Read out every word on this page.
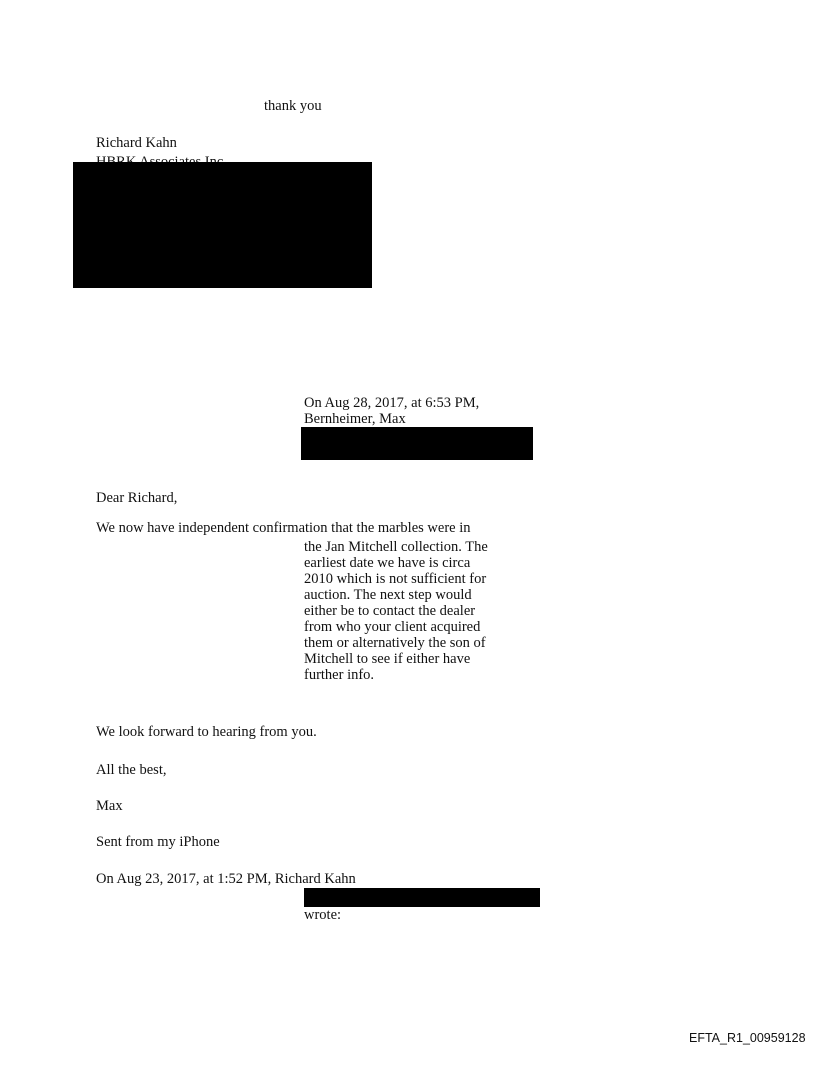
thank you
Richard Kahn
On Aug 28, 2017, at 6:53 PM,
Bernheimer, Max
Dear Richard,
We now have independent confirmation that the marbles were in
the Jan Mitchell collection. The
earliest date we have is circa
2010 which is not sufficient for
auction. The next step would
either be to contact the dealer
from who your client acquired
them or alternatively the son of
Mitchell to see if either have
further info.
We look forward to hearing from you.
All the best,
Max
Sent from my iPhone
On Aug 23, 2017, at 1:52 PM, Richard Kahn
wrote:
EFTA_R1_00959128
